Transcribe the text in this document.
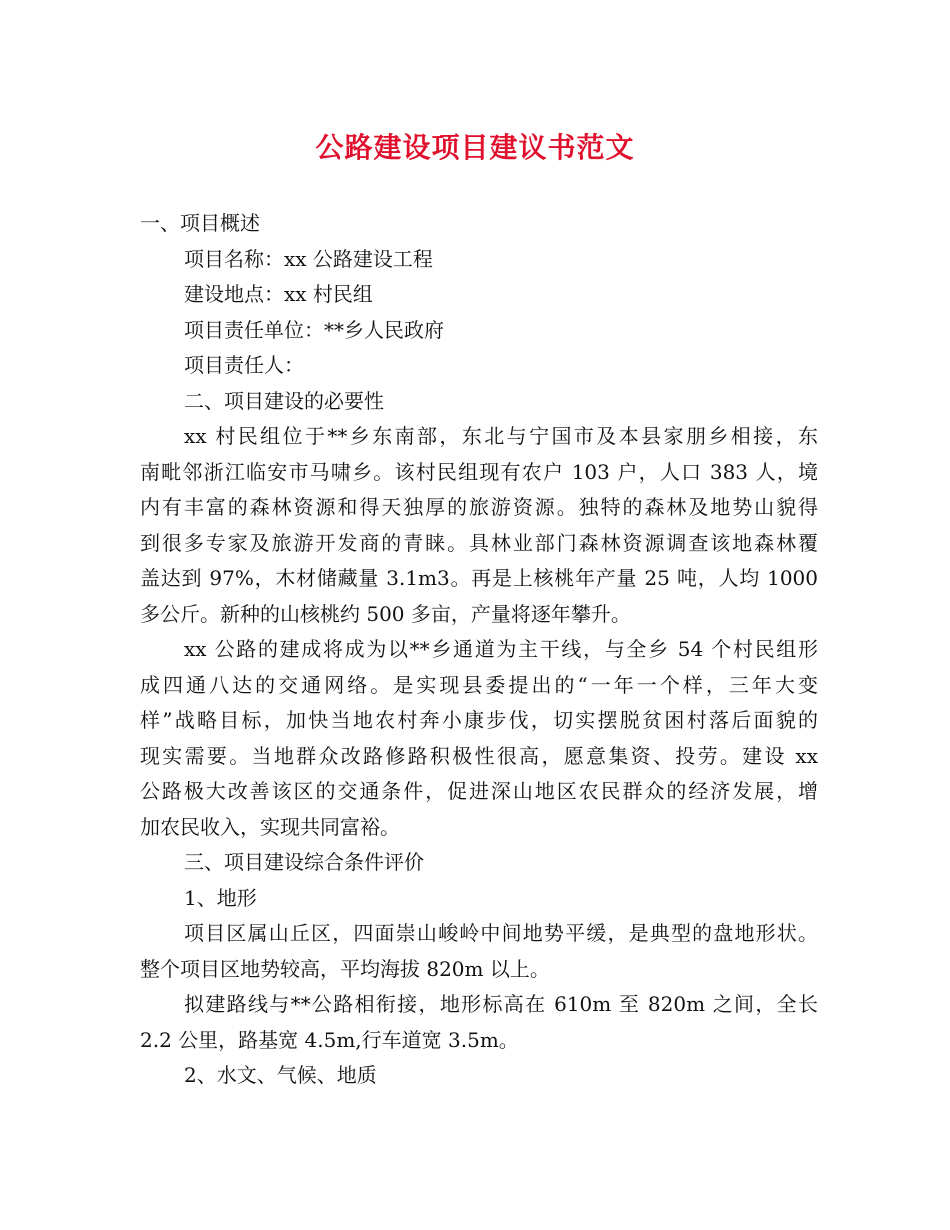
公路建设项目建议书范文
一、项目概述
项目名称：xx 公路建设工程
建设地点：xx 村民组
项目责任单位：**乡人民政府
项目责任人：
二、项目建设的必要性
xx 村民组位于**乡东南部，东北与宁国市及本县家朋乡相接，东
南毗邻浙江临安市马啸乡。该村民组现有农户 103 户，人口 383 人，境
内有丰富的森林资源和得天独厚的旅游资源。独特的森林及地势山貌得
到很多专家及旅游开发商的青睐。具林业部门森林资源调查该地森林覆
盖达到 97%，木材储藏量 3.1m3。再是上核桃年产量 25 吨，人均 1000
多公斤。新种的山核桃约 500 多亩，产量将逐年攀升。
xx 公路的建成将成为以**乡通道为主干线，与全乡 54 个村民组形
成四通八达的交通网络。是实现县委提出的“一年一个样，三年大变
样”战略目标，加快当地农村奔小康步伐，切实摆脱贫困村落后面貌的
现实需要。当地群众改路修路积极性很高，愿意集资、投劳。建设 xx
公路极大改善该区的交通条件，促进深山地区农民群众的经济发展，增
加农民收入，实现共同富裕。
三、项目建设综合条件评价
1、地形
项目区属山丘区，四面崇山峻岭中间地势平缓，是典型的盘地形状。
整个项目区地势较高，平均海拔 820m 以上。
拟建路线与**公路相衔接，地形标高在 610m 至 820m 之间，全长
2.2 公里，路基宽 4.5m,行车道宽 3.5m。
2、水文、气候、地质
